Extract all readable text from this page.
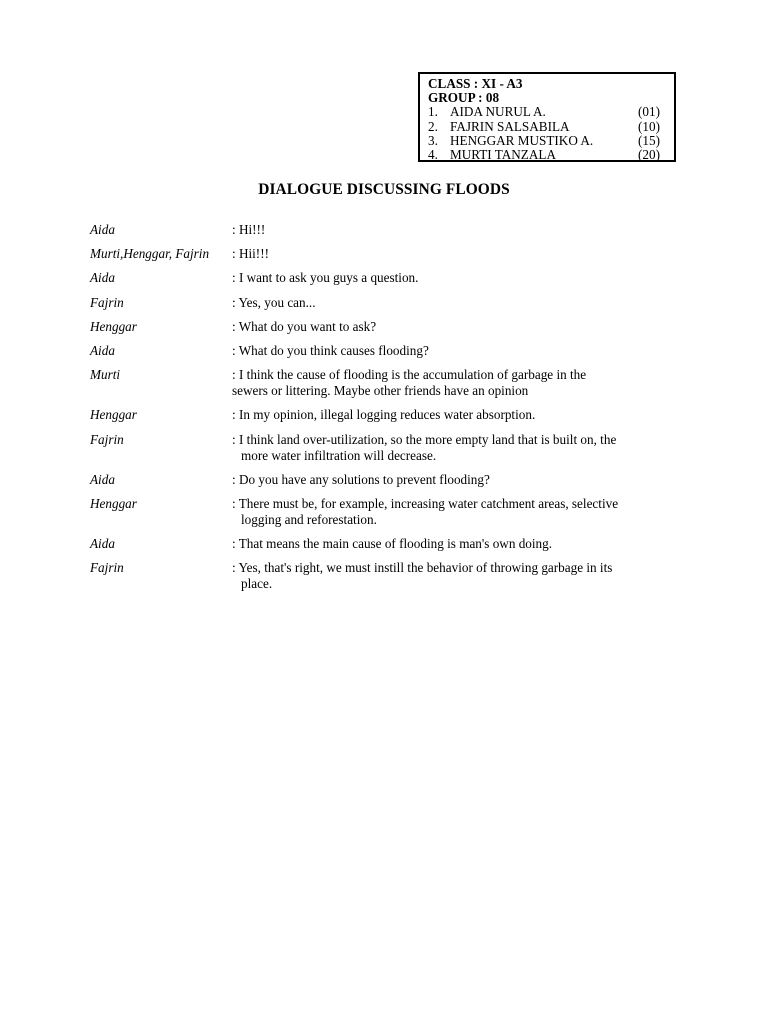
CLASS : XI - A3
GROUP : 08
1. AIDA NURUL A.	(01)
2. FAJRIN SALSABILA	(10)
3. HENGGAR MUSTIKO A.	(15)
4. MURTI TANZALA	(20)
DIALOGUE DISCUSSING FLOODS
Aida	: Hi!!!
Murti,Henggar, Fajrin	: Hii!!!
Aida	: I want to ask you guys a question.
Fajrin	: Yes, you can...
Henggar	: What do you want to ask?
Aida	: What do you think causes flooding?
Murti	: I think the cause of flooding is the accumulation of garbage in the
sewers or littering. Maybe other friends have an opinion
Henggar	: In my opinion, illegal logging reduces water absorption.
Fajrin	: I think land over-utilization, so the more empty land that is built on, the
more water infiltration will decrease.
Aida	: Do you have any solutions to prevent flooding?
Henggar	: There must be, for example, increasing water catchment areas, selective
logging and reforestation.
Aida	: That means the main cause of flooding is man's own doing.
Fajrin	: Yes, that's right, we must instill the behavior of throwing garbage in its
place.
